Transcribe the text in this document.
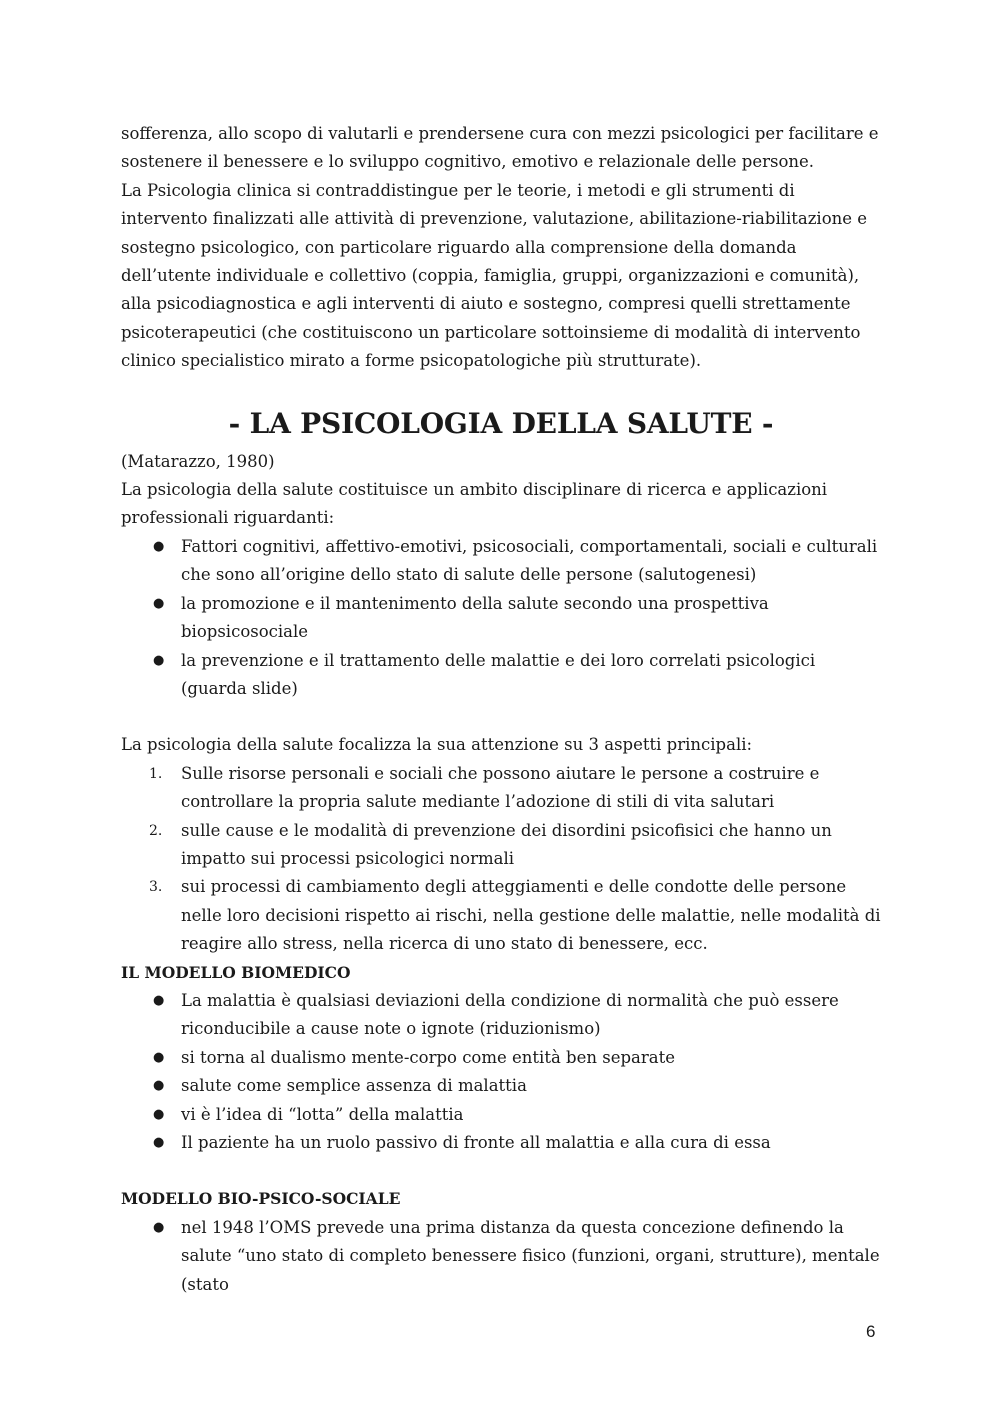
sofferenza, allo scopo di valutarli e prendersene cura con mezzi psicologici per facilitare e sostenere il benessere e lo sviluppo cognitivo, emotivo e relazionale delle persone.

La Psicologia clinica si contraddistingue per le teorie, i metodi e gli strumenti di intervento finalizzati alle attività di prevenzione, valutazione, abilitazione-riabilitazione e sostegno psicologico, con particolare riguardo alla comprensione della domanda dell’utente individuale e collettivo (coppia, famiglia, gruppi, organizzazioni e comunità), alla psicodiagnostica e agli interventi di aiuto e sostegno, compresi quelli strettamente psicoterapeutici (che costituiscono un particolare sottoinsieme di modalità di intervento clinico specialistico mirato a forme psicopatologiche più strutturate).

- LA PSICOLOGIA DELLA SALUTE -

(Matarazzo, 1980)

La psicologia della salute costituisce un ambito disciplinare di ricerca e applicazioni professionali riguardanti:

● Fattori cognitivi, affettivo-emotivi, psicosociali, comportamentali, sociali e culturali che sono all’origine dello stato di salute delle persone (salutogenesi)
● la promozione e il mantenimento della salute secondo una prospettiva biopsicosociale
● la prevenzione e il trattamento delle malattie e dei loro correlati psicologici (guarda slide)

La psicologia della salute focalizza la sua attenzione su 3 aspetti principali:

1. Sulle risorse personali e sociali che possono aiutare le persone a costruire e controllare la propria salute mediante l’adozione di stili di vita salutari
2. sulle cause e le modalità di prevenzione dei disordini psicofisici che hanno un impatto sui processi psicologici normali
3. sui processi di cambiamento degli atteggiamenti e delle condotte delle persone nelle loro decisioni rispetto ai rischi, nella gestione delle malattie, nelle modalità di reagire allo stress, nella ricerca di uno stato di benessere, ecc.

IL MODELLO BIOMEDICO

● La malattia è qualsiasi deviazioni della condizione di normalità che può essere riconducibile a cause note o ignote (riduzionismo)
● si torna al dualismo mente-corpo come entità ben separate
● salute come semplice assenza di malattia
● vi è l’idea di “lotta” della malattia
● Il paziente ha un ruolo passivo di fronte all malattia e alla cura di essa

MODELLO BIO-PSICO-SOCIALE

● nel 1948 l’OMS prevede una prima distanza da questa concezione definendo la salute “uno stato di completo benessere fisico (funzioni, organi, strutture), mentale (stato
6
